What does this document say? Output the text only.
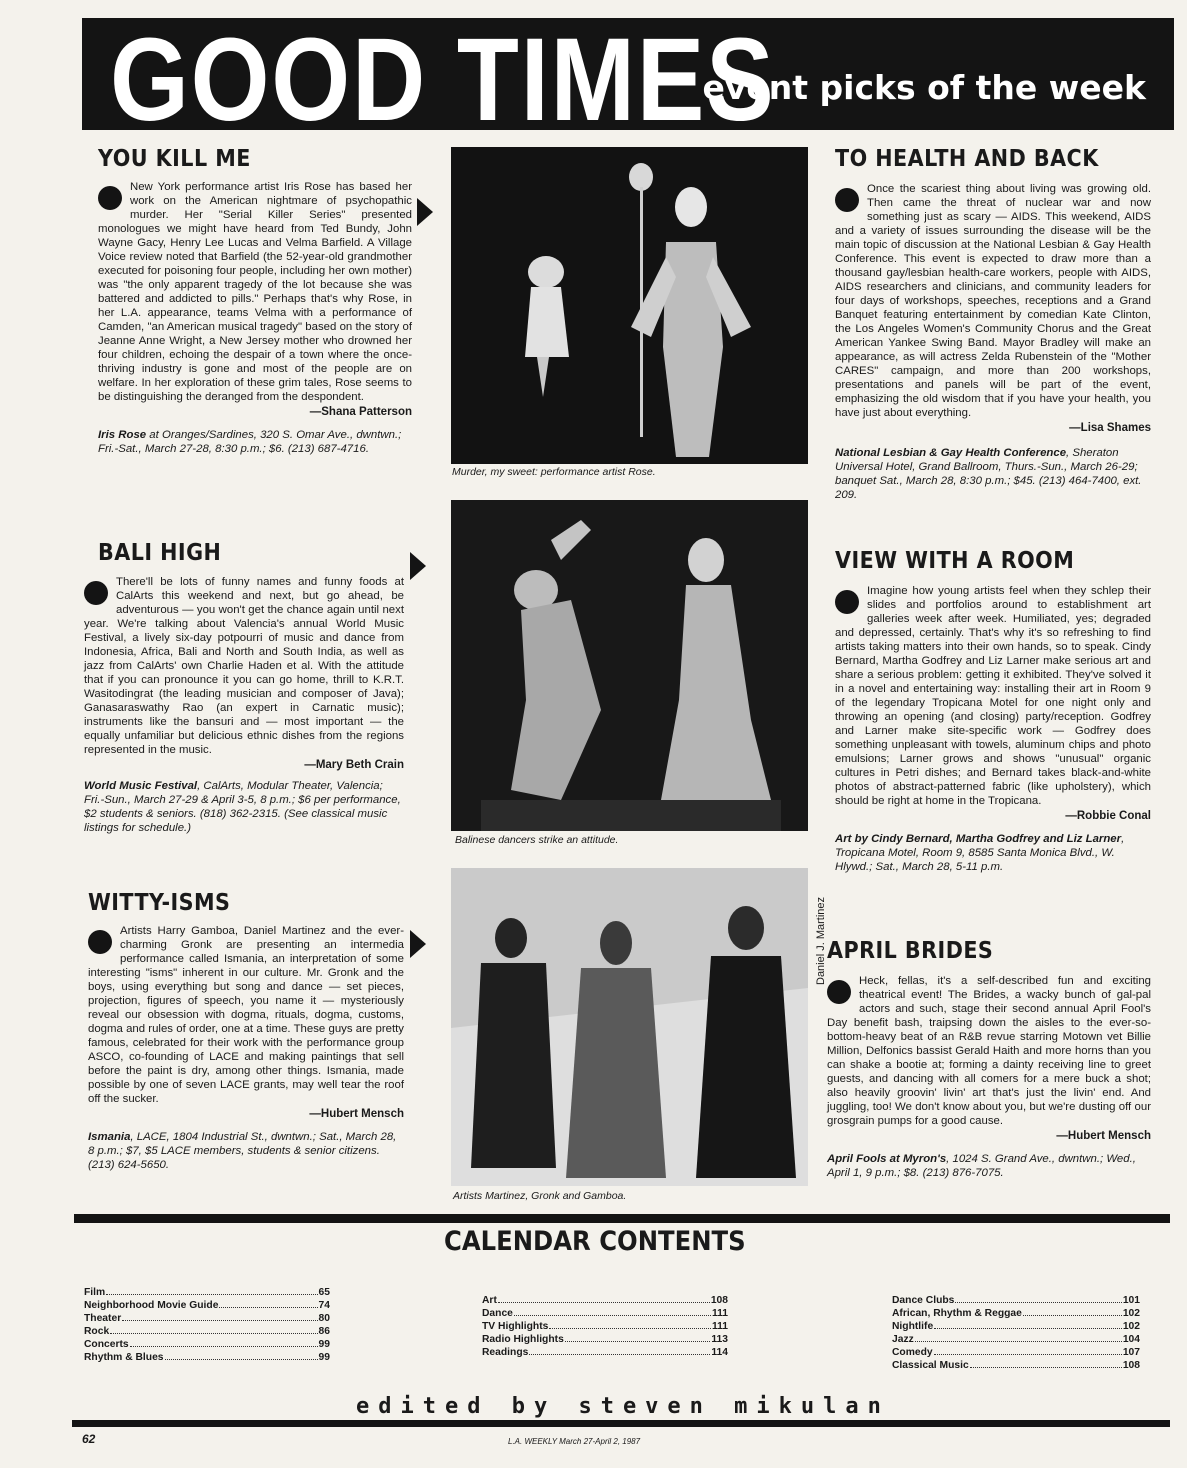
GOOD TIMES
event picks of the week
YOU KILL ME

New York performance artist Iris Rose has based her work on the American nightmare of psychopathic murder. Her "Serial Killer Series" presented monologues we might have heard from Ted Bundy, John Wayne Gacy, Henry Lee Lucas and Velma Barfield. A Village Voice review noted that Barfield (the 52-year-old grandmother executed for poisoning four people, including her own mother) was "the only apparent tragedy of the lot because she was battered and addicted to pills." Perhaps that's why Rose, in her L.A. appearance, teams Velma with a performance of Camden, "an American musical tragedy" based on the story of Jeanne Anne Wright, a New Jersey mother who drowned her four children, echoing the despair of a town where the once-thriving industry is gone and most of the people are on welfare. In her exploration of these grim tales, Rose seems to be distinguishing the deranged from the despondent.

—Shana Patterson
Iris Rose at Oranges/Sardines, 320 S. Omar Ave., dwntwn.; Fri.-Sat., March 27-28, 8:30 p.m.; $6. (213) 687-4716.
BALI HIGH

There'll be lots of funny names and funny foods at CalArts this weekend and next, but go ahead, be adventurous — you won't get the chance again until next year. We're talking about Valencia's annual World Music Festival, a lively six-day potpourri of music and dance from Indonesia, Africa, Bali and North and South India, as well as jazz from CalArts' own Charlie Haden et al. With the attitude that if you can pronounce it you can go home, thrill to K.R.T. Wasitodingrat (the leading musician and composer of Java); Ganasaraswathy Rao (an expert in Carnatic music); instruments like the bansuri and — most important — the equally unfamiliar but delicious ethnic dishes from the regions represented in the music.

—Mary Beth Crain
World Music Festival, CalArts, Modular Theater, Valencia; Fri.-Sun., March 27-29 & April 3-5, 8 p.m.; $6 per performance, $2 students & seniors. (818) 362-2315. (See classical music listings for schedule.)
WITTY-ISMS

Artists Harry Gamboa, Daniel Martinez and the ever-charming Gronk are presenting an intermedia performance called Ismania, an interpretation of some interesting "isms" inherent in our culture. Mr. Gronk and the boys, using everything but song and dance — set pieces, projection, figures of speech, you name it — mysteriously reveal our obsession with dogma, rituals, dogma, customs, dogma and rules of order, one at a time. These guys are pretty famous, celebrated for their work with the performance group ASCO, co-founding of LACE and making paintings that sell before the paint is dry, among other things. Ismania, made possible by one of seven LACE grants, may well tear the roof off the sucker.

—Hubert Mensch
Ismania, LACE, 1804 Industrial St., dwntwn.; Sat., March 28, 8 p.m.; $7, $5 LACE members, students & senior citizens. (213) 624-5650.
Murder, my sweet: performance artist Rose.
Balinese dancers strike an attitude.
Artists Martinez, Gronk and Gamboa.
Daniel J. Martinez
TO HEALTH AND BACK

Once the scariest thing about living was growing old. Then came the threat of nuclear war and now something just as scary — AIDS. This weekend, AIDS and a variety of issues surrounding the disease will be the main topic of discussion at the National Lesbian & Gay Health Conference. This event is expected to draw more than a thousand gay/lesbian health-care workers, people with AIDS, AIDS researchers and clinicians, and community leaders for four days of workshops, speeches, receptions and a Grand Banquet featuring entertainment by comedian Kate Clinton, the Los Angeles Women's Community Chorus and the Great American Yankee Swing Band. Mayor Bradley will make an appearance, as will actress Zelda Rubenstein of the "Mother CARES" campaign, and more than 200 workshops, presentations and panels will be part of the event, emphasizing the old wisdom that if you have your health, you have just about everything.

—Lisa Shames
National Lesbian & Gay Health Conference, Sheraton Universal Hotel, Grand Ballroom, Thurs.-Sun., March 26-29; banquet Sat., March 28, 8:30 p.m.; $45. (213) 464-7400, ext. 209.
VIEW WITH A ROOM

Imagine how young artists feel when they schlep their slides and portfolios around to establishment art galleries week after week. Humiliated, yes; degraded and depressed, certainly. That's why it's so refreshing to find artists taking matters into their own hands, so to speak. Cindy Bernard, Martha Godfrey and Liz Larner make serious art and share a serious problem: getting it exhibited. They've solved it in a novel and entertaining way: installing their art in Room 9 of the legendary Tropicana Motel for one night only and throwing an opening (and closing) party/reception. Godfrey and Larner make site-specific work — Godfrey does something unpleasant with towels, aluminum chips and photo emulsions; Larner grows and shows "unusual" organic cultures in Petri dishes; and Bernard takes black-and-white photos of abstract-patterned fabric (like upholstery), which should be right at home in the Tropicana.

—Robbie Conal
Art by Cindy Bernard, Martha Godfrey and Liz Larner, Tropicana Motel, Room 9, 8585 Santa Monica Blvd., W. Hlywd.; Sat., March 28, 5-11 p.m.
APRIL BRIDES

Heck, fellas, it's a self-described fun and exciting theatrical event! The Brides, a wacky bunch of gal-pal actors and such, stage their second annual April Fool's Day benefit bash, traipsing down the aisles to the ever-so-bottom-heavy beat of an R&B revue starring Motown vet Billie Million, Delfonics bassist Gerald Haith and more horns than you can shake a bootie at; forming a dainty receiving line to greet guests, and dancing with all comers for a mere buck a shot; also heavily groovin' livin' art that's just the livin' end. And juggling, too! We don't know about you, but we're dusting off our grosgrain pumps for a good cause.

—Hubert Mensch
April Fools at Myron's, 1024 S. Grand Ave., dwntwn.; Wed., April 1, 9 p.m.; $8. (213) 876-7075.
CALENDAR CONTENTS
Film	65
Neighborhood Movie Guide	74
Theater	80
Rock	86
Concerts	99
Rhythm & Blues	99
Art	108
Dance	111
TV Highlights	111
Radio Highlights	113
Readings	114
Dance Clubs	101
African, Rhythm & Reggae	102
Nightlife	102
Jazz	104
Comedy	107
Classical Music	108
edited by steven mikulan
62	L.A. WEEKLY March 27-April 2, 1987
